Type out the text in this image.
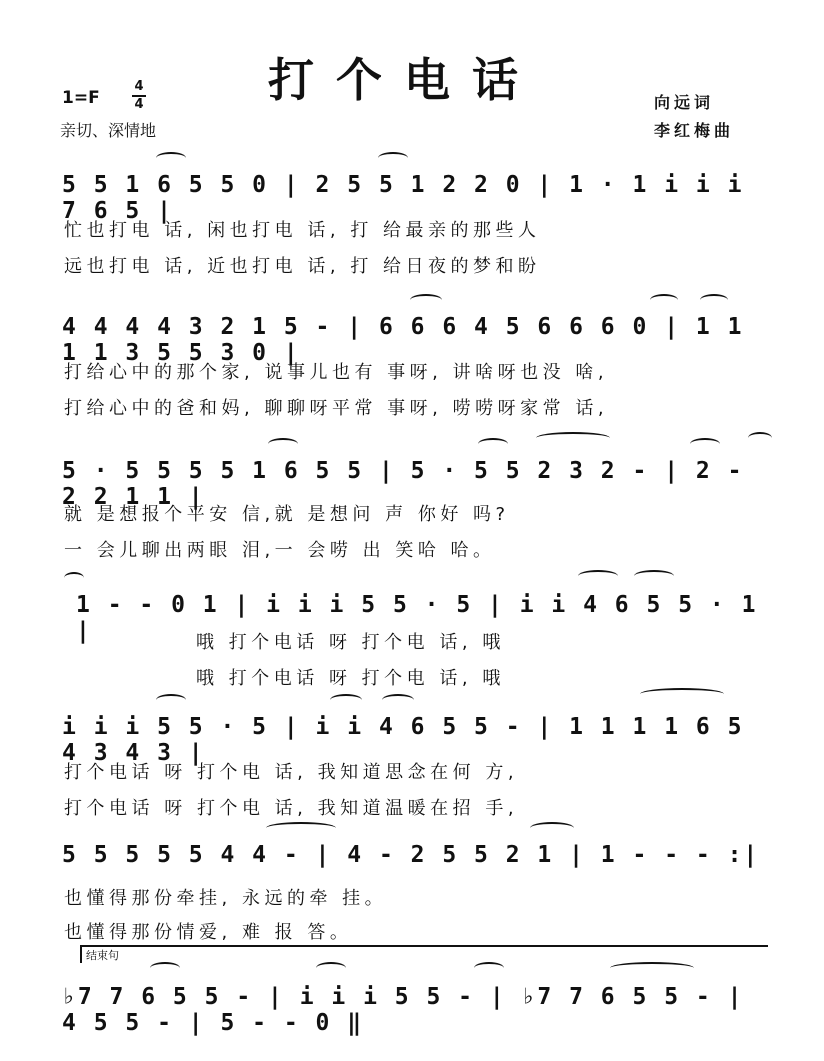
打个电话
1=F
4
4
亲切、深情地
向远词
李红梅曲
5 5 1 6 5 5 0 | 2 5 5 1 2 2 0 | 1 · 1 i i i 7 6 5 |
忙也打电 话, 闲也打电 话, 打 给最亲的那些人
远也打电 话, 近也打电 话, 打 给日夜的梦和盼
4 4 4 4 3 2 1 5 - | 6 6 6 4 5 6 6 6 0 | 1 1 1 1 3 5 5 3 0 |
打给心中的那个家, 说事儿也有 事呀, 讲啥呀也没 啥,
打给心中的爸和妈, 聊聊呀平常 事呀, 唠唠呀家常 话,
5 · 5 5 5 5 1 6 5 5 | 5 · 5 5 2 3 2 - | 2 - 2 2 1 1 |
就 是想报个平安 信,就 是想问 声 你好 吗?
一 会儿聊出两眼 泪,一 会唠 出 笑哈 哈。
1 - - 0 1 | i i i 5 5 · 5 | i i 4 6 5 5 · 1 |	哦 打个电话 呀 打个电 话, 哦
哦 打个电话 呀 打个电 话, 哦
i i i 5 5 · 5 | i i 4 6 5 5 - | 1 1 1 1 6 5 4 3 4 3 |
打个电话 呀 打个电 话, 我知道思念在何 方,
打个电话 呀 打个电 话, 我知道温暖在招 手,
5 5 5 5 5 4 4 - | 4 - 2 5 5 2 1 | 1 - - - :|
也懂得那份牵挂, 永远的牵 挂。
也懂得那份情爱, 难 报 答。
结束句
♭7 7 6 5 5 - | i i i 5 5 - | ♭7 7 6 5 5 - | 4 5 5 - | 5 - - 0 ‖
